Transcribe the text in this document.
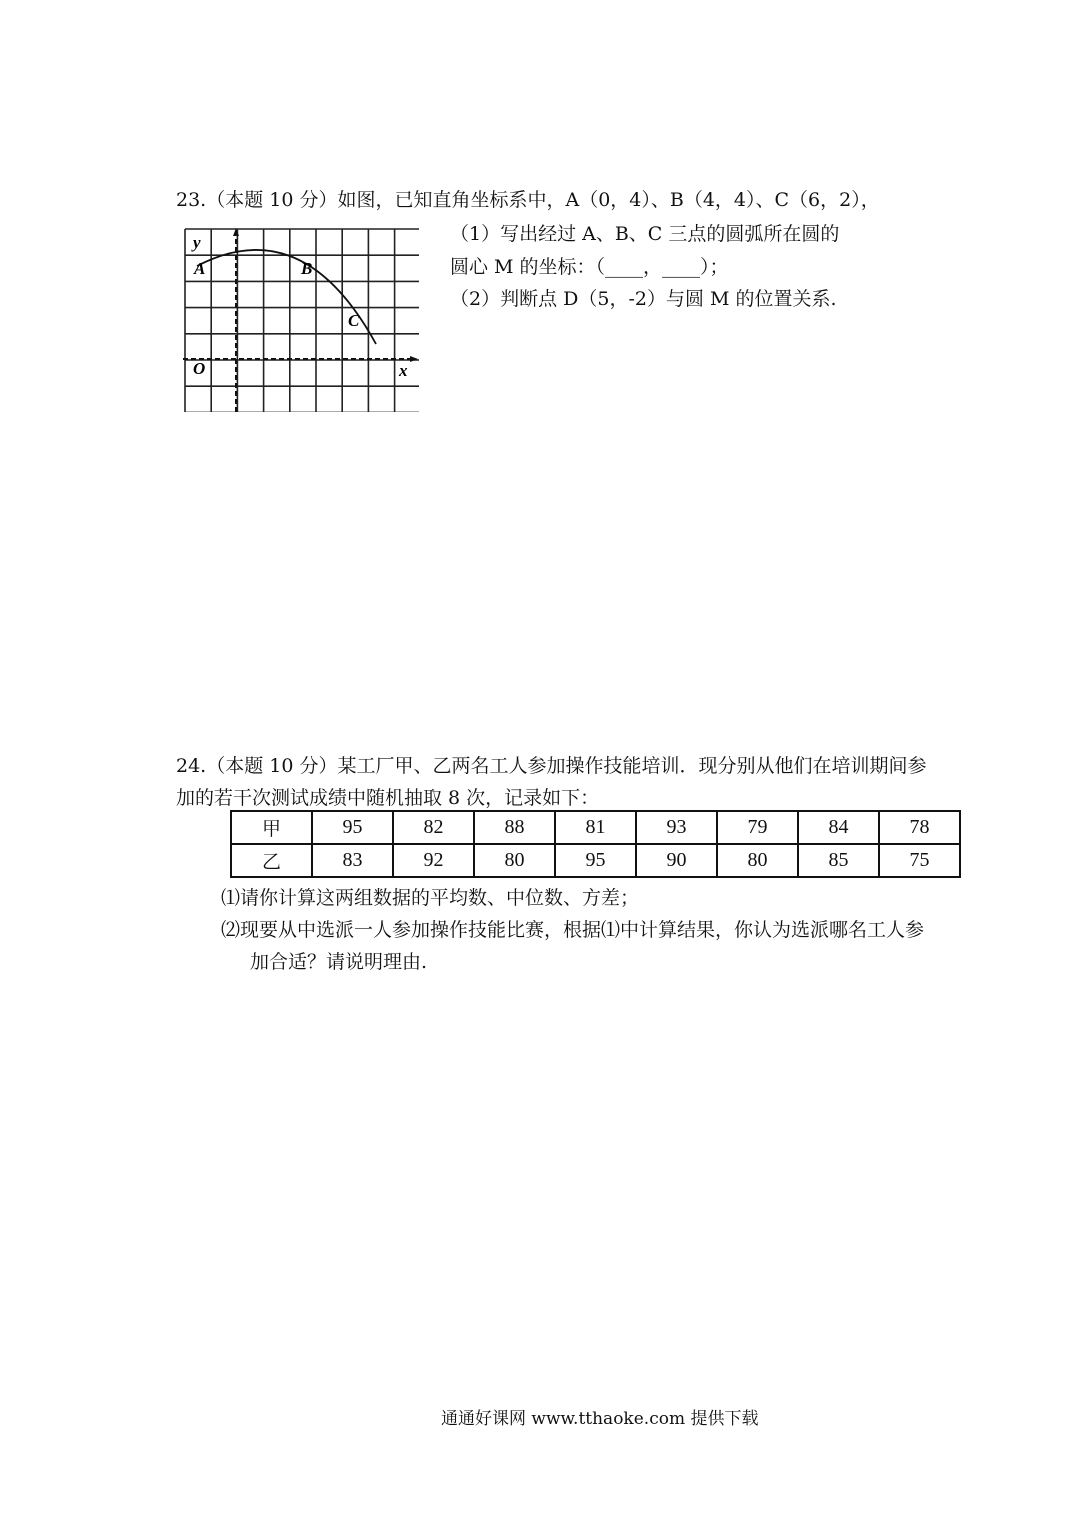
23.（本题 10 分）如图，已知直角坐标系中，A（0，4）、B（4，4）、C（6，2），
y
A	B
C
O	x
（1）写出经过 A、B、C 三点的圆弧所在圆的
圆心 M 的坐标：（____，____）；
（2）判断点 D（5，-2）与圆 M 的位置关系.
24.（本题 10 分）某工厂甲、乙两名工人参加操作技能培训．现分别从他们在培训期间参
加的若干次测试成绩中随机抽取 8 次，记录如下：
甲	95	82	88	81	93	79	84	78
乙	83	92	80	95	90	80	85	75
⑴请你计算这两组数据的平均数、中位数、方差；
⑵现要从中选派一人参加操作技能比赛，根据⑴中计算结果，你认为选派哪名工人参
加合适？请说明理由.
通通好课网 www.tthaoke.com 提供下载
